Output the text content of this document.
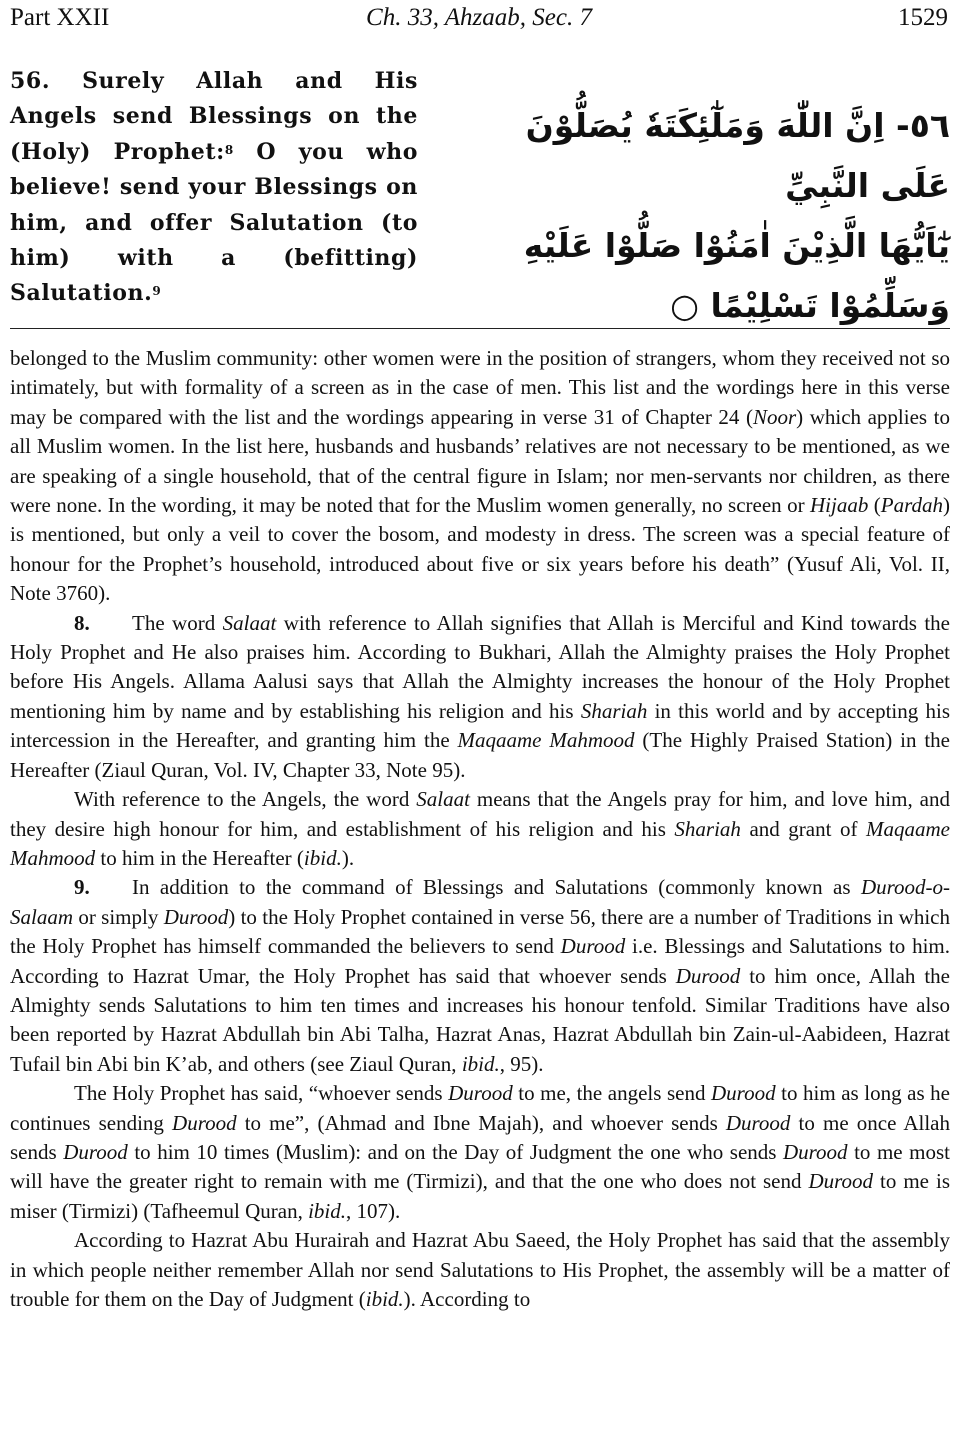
Ch. 33, Ahzaab, Sec. 7
Part XXII	1529
56. Surely Allah and His Angels send Blessings on the (Holy) Prophet:$^8$ O you who believe! send your Blessings on him, and offer Salutation (to him) with a (befitting) Salutation.$^9$
٥٦- اِنَّ اللّٰهَ وَمَلٰٓئِكَتَهٗ يُصَلُّوْنَ عَلَى النَّبِيِّ
يٰٓاَيُّهَا الَّذِيْنَ اٰمَنُوْا صَلُّوْا عَلَيْهِ
وَسَلِّمُوْا تَسْلِيْمًا ○

belonged to the Muslim community: other women were in the position of strangers, whom they received not so intimately, but with formality of a screen as in the case of men. This list and the wordings here in this verse may be compared with the list and the wordings appearing in verse 31 of Chapter 24 (Noor) which applies to all Muslim women. In the list here, husbands and husbands’ relatives are not necessary to be mentioned, as we are speaking of a single household, that of the central figure in Islam; nor men-servants nor children, as there were none. In the wording, it may be noted that for the Muslim women generally, no screen or Hijaab (Pardah) is mentioned, but only a veil to cover the bosom, and modesty in dress. The screen was a special feature of honour for the Prophet’s household, introduced about five or six years before his death” (Yusuf Ali, Vol. II, Note 3760).

8. The word Salaat with reference to Allah signifies that Allah is Merciful and Kind towards the Holy Prophet and He also praises him. According to Bukhari, Allah the Almighty praises the Holy Prophet before His Angels. Allama Aalusi says that Allah the Almighty increases the honour of the Holy Prophet mentioning him by name and by establishing his religion and his Shariah in this world and by accepting his intercession in the Hereafter, and granting him the Maqaame Mahmood (The Highly Praised Station) in the Hereafter (Ziaul Quran, Vol. IV, Chapter 33, Note 95).

With reference to the Angels, the word Salaat means that the Angels pray for him, and love him, and they desire high honour for him, and establishment of his religion and his Shariah and grant of Maqaame Mahmood to him in the Hereafter (ibid.).

9. In addition to the command of Blessings and Salutations (commonly known as Durood-o-Salaam or simply Durood) to the Holy Prophet contained in verse 56, there are a number of Traditions in which the Holy Prophet has himself commanded the believers to send Durood i.e. Blessings and Salutations to him. According to Hazrat Umar, the Holy Prophet has said that whoever sends Durood to him once, Allah the Almighty sends Salutations to him ten times and increases his honour tenfold. Similar Traditions have also been reported by Hazrat Abdullah bin Abi Talha, Hazrat Anas, Hazrat Abdullah bin Zain-ul-Aabideen, Hazrat Tufail bin Abi bin K’ab, and others (see Ziaul Quran, ibid., 95).

The Holy Prophet has said, “whoever sends Durood to me, the angels send Durood to him as long as he continues sending Durood to me”, (Ahmad and Ibne Majah), and whoever sends Durood to me once Allah sends Durood to him 10 times (Muslim): and on the Day of Judgment the one who sends Durood to me most will have the greater right to remain with me (Tirmizi), and that the one who does not send Durood to me is miser (Tirmizi) (Tafheemul Quran, ibid., 107).

According to Hazrat Abu Hurairah and Hazrat Abu Saeed, the Holy Prophet has said that the assembly in which people neither remember Allah nor send Salutations to His Prophet, the assembly will be a matter of trouble for them on the Day of Judgment (ibid.). According to
